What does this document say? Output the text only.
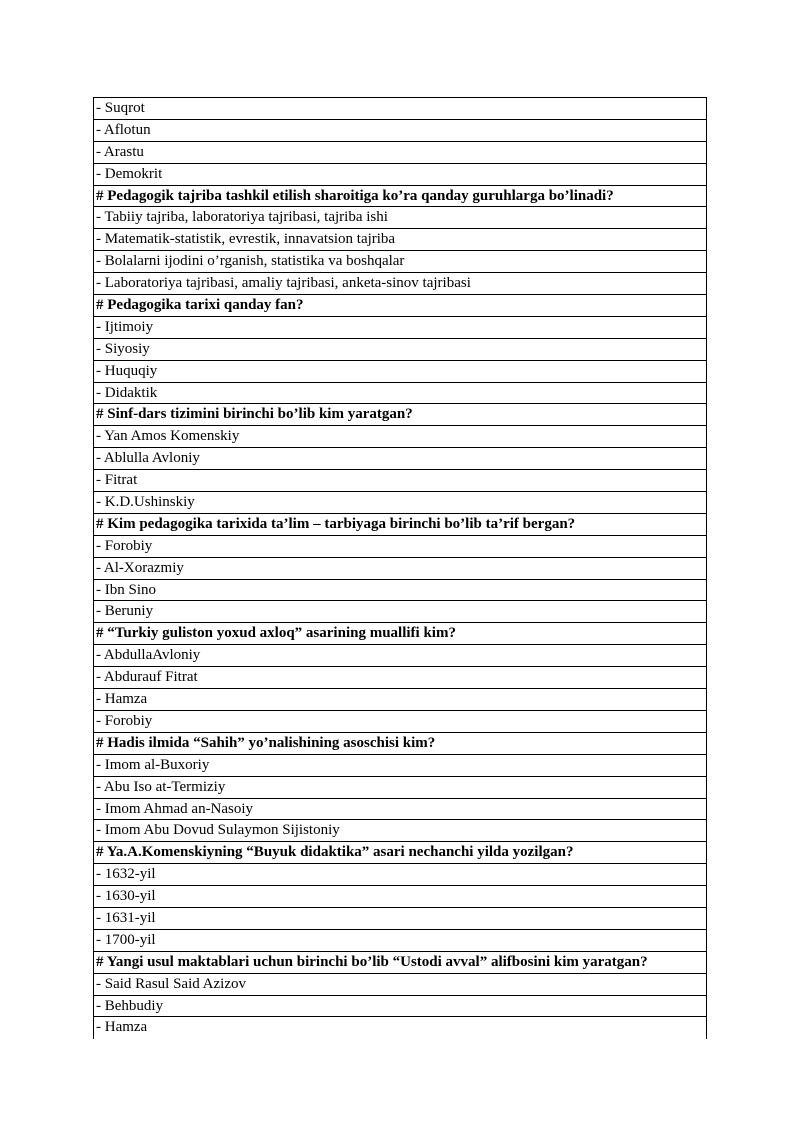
- Suqrot
- Aflotun
- Arastu
- Demokrit
# Pedagogik tajriba tashkil etilish sharoitiga ko’ra qanday guruhlarga bo’linadi?
- Tabiiy tajriba, laboratoriya tajribasi, tajriba ishi
- Matematik-statistik, evrestik, innavatsion tajriba
- Bolalarni ijodini o’rganish, statistika va boshqalar
- Laboratoriya tajribasi, amaliy tajribasi, anketa-sinov tajribasi
# Pedagogika tarixi qanday fan?
- Ijtimoiy
- Siyosiy
- Huquqiy
- Didaktik
# Sinf-dars tizimini birinchi bo’lib kim yaratgan?
- Yan Amos Komenskiy
- Ablulla Avloniy
- Fitrat
- K.D.Ushinskiy
# Kim pedagogika tarixida ta’lim – tarbiyaga birinchi bo’lib ta’rif bergan?
- Forobiy
- Al-Xorazmiy
- Ibn Sino
- Beruniy
# “Turkiy guliston yoxud axloq” asarining muallifi kim?
- AbdullaAvloniy
- Abdurauf Fitrat
- Hamza
- Forobiy
# Hadis ilmida “Sahih” yo’nalishining asoschisi kim?
- Imom al-Buxoriy
- Abu Iso at-Termiziy
- Imom Ahmad an-Nasoiy
- Imom Abu Dovud Sulaymon Sijistoniy
# Ya.A.Komenskiyning “Buyuk didaktika” asari nechanchi yilda yozilgan?
- 1632-yil
- 1630-yil
- 1631-yil
- 1700-yil
# Yangi usul maktablari uchun birinchi bo’lib “Ustodi avval” alifbosini kim yaratgan?
- Said Rasul Said Azizov
- Behbudiy
- Hamza
